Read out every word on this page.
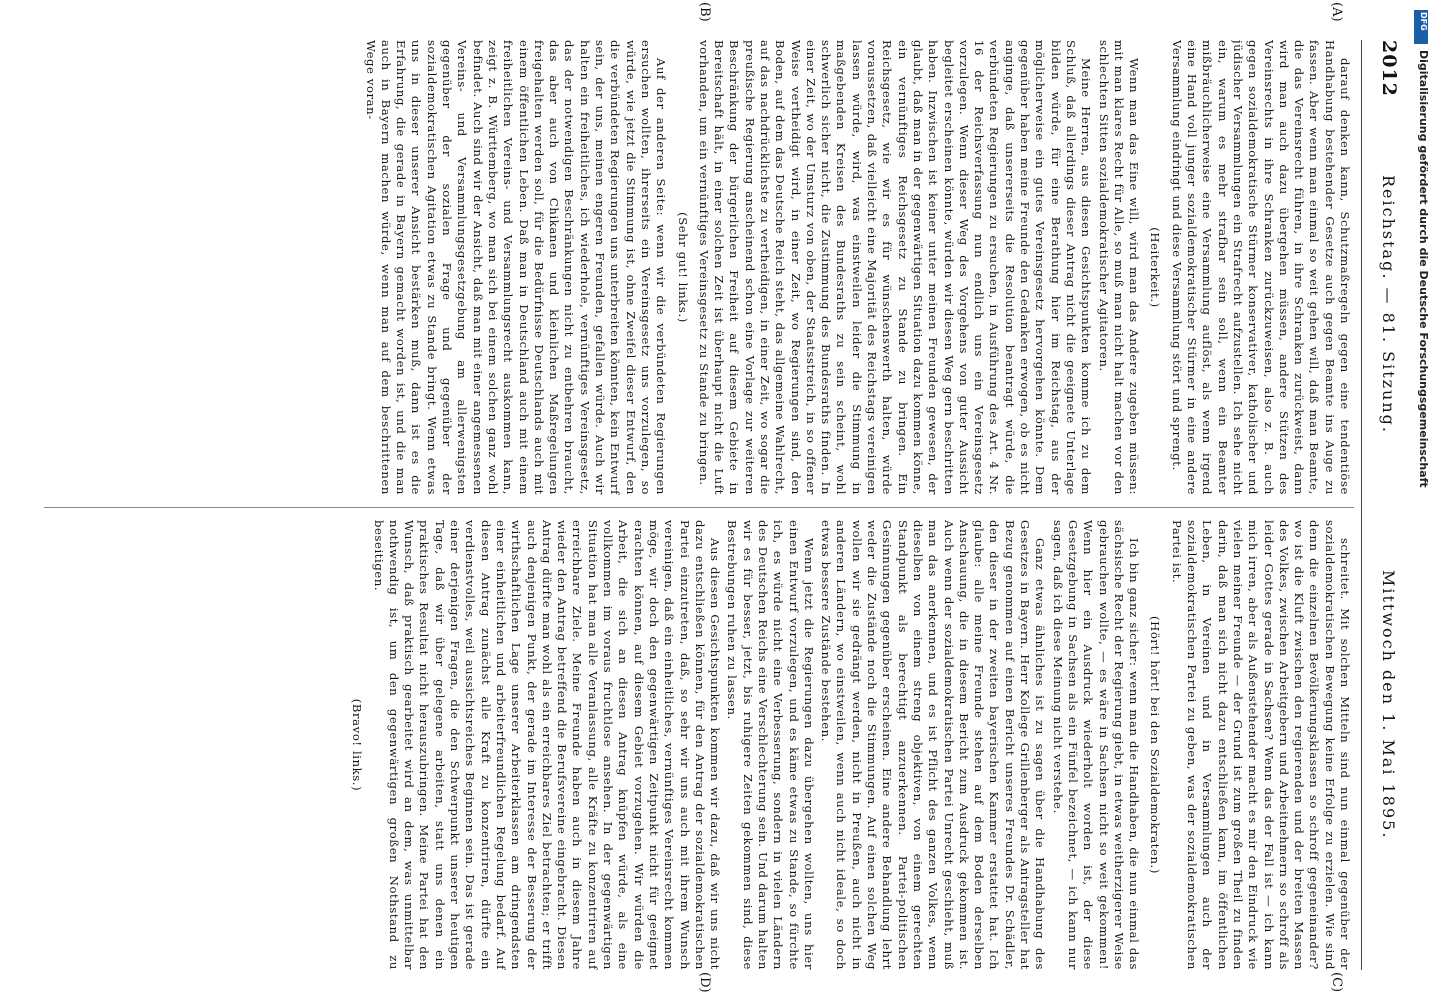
2012
Reichstag. — 81. Sitzung.
Mittwoch den 1. Mai 1895.
(A)
(B)
(C)
(D)

darauf denken kann, Schutzmaßregeln gegen eine tendentiöse Handhabung bestehender Gesetze auch gegen Beamte ins Auge zu fassen. Aber wenn man einmal so weit gehen will, daß man Beamte, die das Vereinsrecht führen, in ihre Schranken zurückweist, dann wird man auch dazu übergehen müssen, andere Stützen des Vereinsrechts in ihre Schranken zurückzuweisen, also z. B. auch gegen sozialdemokratische Stürmer konservativer, katholischer und jüdischer Versammlungen ein Strafrecht aufzustellen. Ich sehe nicht ein, warum es mehr strafbar sein soll, wenn ein Beamter mißbräuchlicherweise eine Versammlung auflöst, als wenn irgend eine Hand voll junger sozialdemokratischer Stürmer in eine andere Versammlung eindringt und diese Versammlung stört und sprengt.

(Heiterkeit.)

Wenn man das Eine will, wird man das Andere zugeben müssen: mit man klares Recht für Alle, so muß man nicht halt machen vor den schlechten Sitten sozialdemokratischer Agitatoren.

Meine Herren, aus diesen Gesichtspunkten komme ich zu dem Schluß, daß allerdings dieser Antrag nicht die geeignete Unterlage bilden würde, für eine Berathung hier im Reichstag, aus der möglicherweise ein gutes Vereinsgesetz hervorgehen könnte. Dem gegenüber haben meine Freunde den Gedanken erwogen, ob es nicht anginge, daß unsererseits die Resolution beantragt würde, die verbündeten Regierungen zu ersuchen, in Ausführung des Art. 4 Nr. 16 der Reichsverfassung nun endlich uns ein Vereinsgesetz vorzulegen. Wenn dieser Weg des Vorgehens von guter Aussicht begleitet erscheinen könnte, würden wir diesen Weg gern beschritten haben. Inzwischen ist keiner unter meinen Freunden gewesen, der glaubt, daß man in der gegenwärtigen Situation dazu kommen könne, ein vernünftiges Reichsgesetz zu Stande zu bringen. Ein Reichsgesetz, wie wir es für wünschenswerth halten, würde voraussetzen, daß vielleicht eine Majorität des Reichstags vereinigen lassen würde, wird, was einstweilen leider die Stimmung in maßgebenden Kreisen des Bundesraths zu sein scheint, wohl schwerlich sicher nicht, die Zustimmung des Bundesraths finden. In einer Zeit, wo der Umsturz von oben, der Staatsstreich, in so offener Weise vertheidigt wird, in einer Zeit, wo Regierungen sind, den Boden, auf dem das Deutsche Reich steht, das allgemeine Wahlrecht, auf das nachdrücklichste zu vertheidigen, in einer Zeit, wo sogar die preußische Regierung anscheinend schon eine Vorlage zur weiteren Beschränkung der bürgerlichen Freiheit auf diesem Gebiete in Bereitschaft hält, in einer solchen Zeit ist überhaupt nicht die Luft vorhanden, um ein vernünftiges Vereinsgesetz zu Stande zu bringen.

(Sehr gut! links.)

Auf der anderen Seite: wenn wir die verbündeten Regierungen ersuchen wollten, ihrerseits ein Vereinsgesetz uns vorzulegen, so würde, wie jetzt die Stimmung ist, ohne Zweifel dieser Entwurf, den die verbündeten Regierungen uns unterbreiten könnten, kein Entwurf sein, der uns, meinen engeren Freunden, gefallen würde. Auch wir halten ein freiheitliches, ich wiederhole, vernünftiges Vereinsgesetz, das der notwendigen Beschränkungen nicht zu entbehren braucht, das aber auch von Chikanen und kleinlichen Maßregelungen freigehalten werden soll, für die Bedürfnisse Deutschlands auch mit einem öffentlichen Leben. Daß man in Deutschland auch mit einem freiheitlichen Vereins- und Versammlungsrecht auskommen kann, zeigt z. B. Württemberg, wo man sich bei einem solchen ganz wohl befindet. Auch sind wir der Ansicht, daß man mit einer angemessenen Vereins- und Versammlungsgesetzgebung am allerwenigsten gegenüber der sozialen Frage und gegenüber der sozialdemokratischen Agitation etwas zu Stande bringt. Wenn etwas uns in dieser unserer Ansicht bestärken muß, dann ist es die Erfahrung, die gerade in Bayern gemacht worden ist, und die man auch in Bayern machen würde, wenn man auf dem beschrittenen Wege voran-

schreitet. Mit solchen Mitteln sind nun einmal gegenüber der sozialdemokratischen Bewegung keine Erfolge zu erzielen. Wie sind denn die einzelnen Bevölkerungsklassen so schroff gegeneinander? wo ist die Kluft zwischen den regierenden und der breiten Massen des Volkes, zwischen Arbeitgebern und Arbeitnehmern so schroff als leider Gottes gerade in Sachsen? Wenn das der Fall ist — ich kann mich irren, aber als Außenstehender macht es mir den Eindruck wie vielen meiner Freunde — der Grund ist zum großen Theil zu finden darin, daß man sich nicht dazu entschließen kann, im öffentlichen Leben, in Vereinen und in Versammlungen auch der sozialdemokratischen Partei zu geben, was der sozialdemokratischen Partei ist.

(Hört! hört! bei den Sozialdemokraten.)

Ich bin ganz sicher: wenn man die Handhaben, die nun einmal das sächsische Recht der Regierung giebt, in etwas weitherzigerer Weise gebrauchen wollte, — es wäre in Sachsen nicht so weit gekommen! Wenn hier ein Ausdruck wiederholt worden ist, der diese Gesetzgebung in Sachsen als ein Fünfel bezeichnet, — ich kann nur sagen, daß ich diese Meinung nicht verstehe.

Ganz etwas ähnliches ist zu sagen über die Handhabung des Gesetzes in Bayern. Herr Kollege Grillenberger als Antragsteller hat Bezug genommen auf einen Bericht unseres Freundes Dr. Schädler, den dieser in der zweiten bayerischen Kammer erstattet hat. Ich glaube: alle meine Freunde stehen auf dem Boden derselben Anschauung, die in diesem Bericht zum Ausdruck gekommen ist. Auch wenn der sozialdemokratischen Partei Unrecht geschieht, muß man das anerkennen, und es ist Pflicht des ganzen Volkes, wenn dieselben von einem streng objektiven, von einem gerechten Standpunkt als berechtigt anzuerkennen. Partei-politischen Gesinnungen gegenüber erscheinen. Eine andere Behandlung lehrt weder die Zustände noch die Stimmungen. Auf einen solchen Weg wollen wir sie gedrängt werden, nicht in Preußen, auch nicht in anderen Ländern, wo einstweilen, wenn auch nicht ideale, so doch etwas bessere Zustände bestehen.

Wenn jetzt die Regierungen dazu übergehen wollten, uns hier einen Entwurf vorzulegen, und es käme etwas zu Stande, so fürchte ich, es würde nicht eine Verbesserung, sondern in vielen Ländern des Deutschen Reichs eine Verschlechterung sein. Und darum halten wir es für besser, jetzt, bis ruhigere Zeiten gekommen sind, diese Bestrebungen ruhen zu lassen.

Aus diesen Gesichtspunkten kommen wir dazu, daß wir uns nicht dazu entschließen können, für den Antrag der sozialdemokratischen Partei einzutreten, daß, so sehr wir uns auch mit ihrem Wunsch vereinigen, daß ein einheitliches, vernünftiges Vereinsrecht kommen möge, wir doch den gegenwärtigen Zeitpunkt nicht für geeignet erachten können, auf diesem Gebiet vorzugehen. Wir würden die Arbeit, die sich an diesen Antrag knüpfen würde, als eine vollkommen im voraus fruchtlose ansehen. In der gegenwärtigen Situation hat man alle Veranlassung, alle Kräfte zu konzentriren auf erreichbare Ziele. Meine Freunde haben auch in diesem Jahre wieder den Antrag betreffend die Berufsvereine eingebracht. Diesen Antrag dürfte man wohl als ein erreichbares Ziel betrachten; er trifft auch denjenigen Punkt, der gerade im Interesse der Besserung der wirthschaftlichen Lage unserer Arbeiterklassen am dringendsten einer einheitlichen und arbeiterfreundlichen Regelung bedarf. Auf diesen Antrag zunächst alle Kraft zu konzentriren, dürfte ein verdienstvolles, weil aussichtsreiches Beginnen sein. Das ist gerade einer derjenigen Fragen, die den Schwerpunkt unserer heutigen Tage, daß wir über gelegene arbeiten, statt uns denen ein praktisches Resultat nicht herauszubringen. Meine Partei hat den Wunsch, daß praktisch gearbeitet wird an dem, was unmittelbar nothwendig ist, um den gegenwärtigen großen Nothstand zu beseitigen.

(Bravo! links.)

DFG
Digitalisierung gefördert durch die Deutsche Forschungsgemeinschaft
